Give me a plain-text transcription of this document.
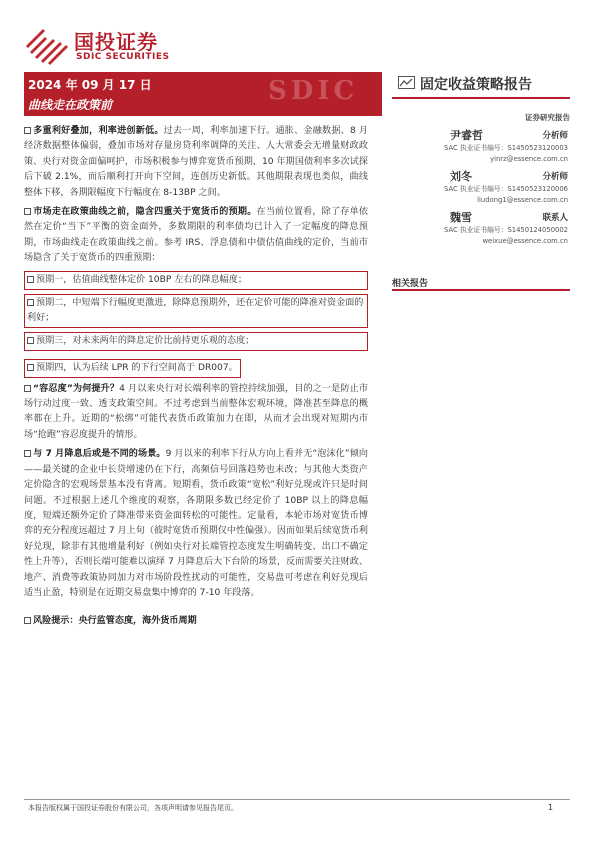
国投证券
SDIC SECURITIES
2024 年 09 月 17 日
曲线走在政策前	SDIC	固定收益策略报告

多重利好叠加，利率进创新低。过去一周，利率加速下行。通胀、金融数据、8 月经济数据整体偏弱，叠加市场对存量房贷利率调降的关注、人大常委会无增量财政政策、央行对资金面偏呵护，市场积极参与博弈宽货币预期，10 年期国债利率多次试探后下破 2.1%，而后顺利打开向下空间，连创历史新低。其他期限表现也类似，曲线整体下移，各期限幅度下行幅度在 8-13BP 之间。

市场走在政策曲线之前，隐含四重关于宽货币的预期。在当前位置看，除了存单依然在定价“当下”平衡的资金面外，多数期限的利率债均已计入了一定幅度的降息预期，市场曲线走在政策曲线之前。参考 IRS、浮息债和中债估值曲线的定价，当前市场隐含了关于宽货币的四重预期：

预期一，估值曲线整体定价 10BP 左右的降息幅度；
预期二，中短端下行幅度更激进，除降息预期外，还在定价可能的降准对资金面的利好；
预期三，对未来两年的降息定价比前持更乐观的态度；
预期四，认为后续 LPR 的下行空间高于 DR007。

“容忍度”为何提升？4 月以来央行对长端利率的管控持续加强，目的之一是防止市场行动过度一致、透支政策空间。不过考虑到当前整体宏观环境，降准甚至降息的概率都在上升。近期的“松绑”可能代表货币政策加力在即，从而才会出现对短期内市场“抢跑”容忍度提升的情形。

与 7 月降息后或是不同的场景。9 月以来的利率下行从方向上看并无“泡沫化”倾向——最关键的企业中长贷增速仍在下行，高频信号回落趋势也未改；与其他大类资产定价隐含的宏观场景基本没有背离。短期看，货币政策“宽松”利好兑现或许只是时间问题。不过根据上述几个维度的观察，各期限多数已经定价了 10BP 以上的降息幅度，短端还额外定价了降准带来资金面转松的可能性。定量看，本轮市场对宽货币博弈的充分程度远超过 7 月上旬（彼时宽货币预期仅中性偏强）。因而如果后续宽货币利好兑现，除非有其他增量利好（例如央行对长端管控态度发生明确转变、出口不确定性上升等），否则长端可能难以演绎 7 月降息后大下台阶的场景，反而需要关注财政、地产、消费等政策协同加力对市场阶段性扰动的可能性，交易盘可考虑在利好兑现后适当止盈，特别是在近期交易盘集中博弈的 7-10 年段落。

风险提示：央行监管态度，海外货币周期
证券研究报告
尹睿哲	分析师
SAC 执业证书编号：S1450523120003
yinrz@essence.com.cn
刘冬	分析师
SAC 执业证书编号：S1450523120006
liudong1@essence.com.cn
魏雪	联系人
SAC 执业证书编号：S1450124050002
weixue@essence.com.cn
相关报告
本报告版权属于国投证券股份有限公司，各项声明请参见报告尾页。	1
